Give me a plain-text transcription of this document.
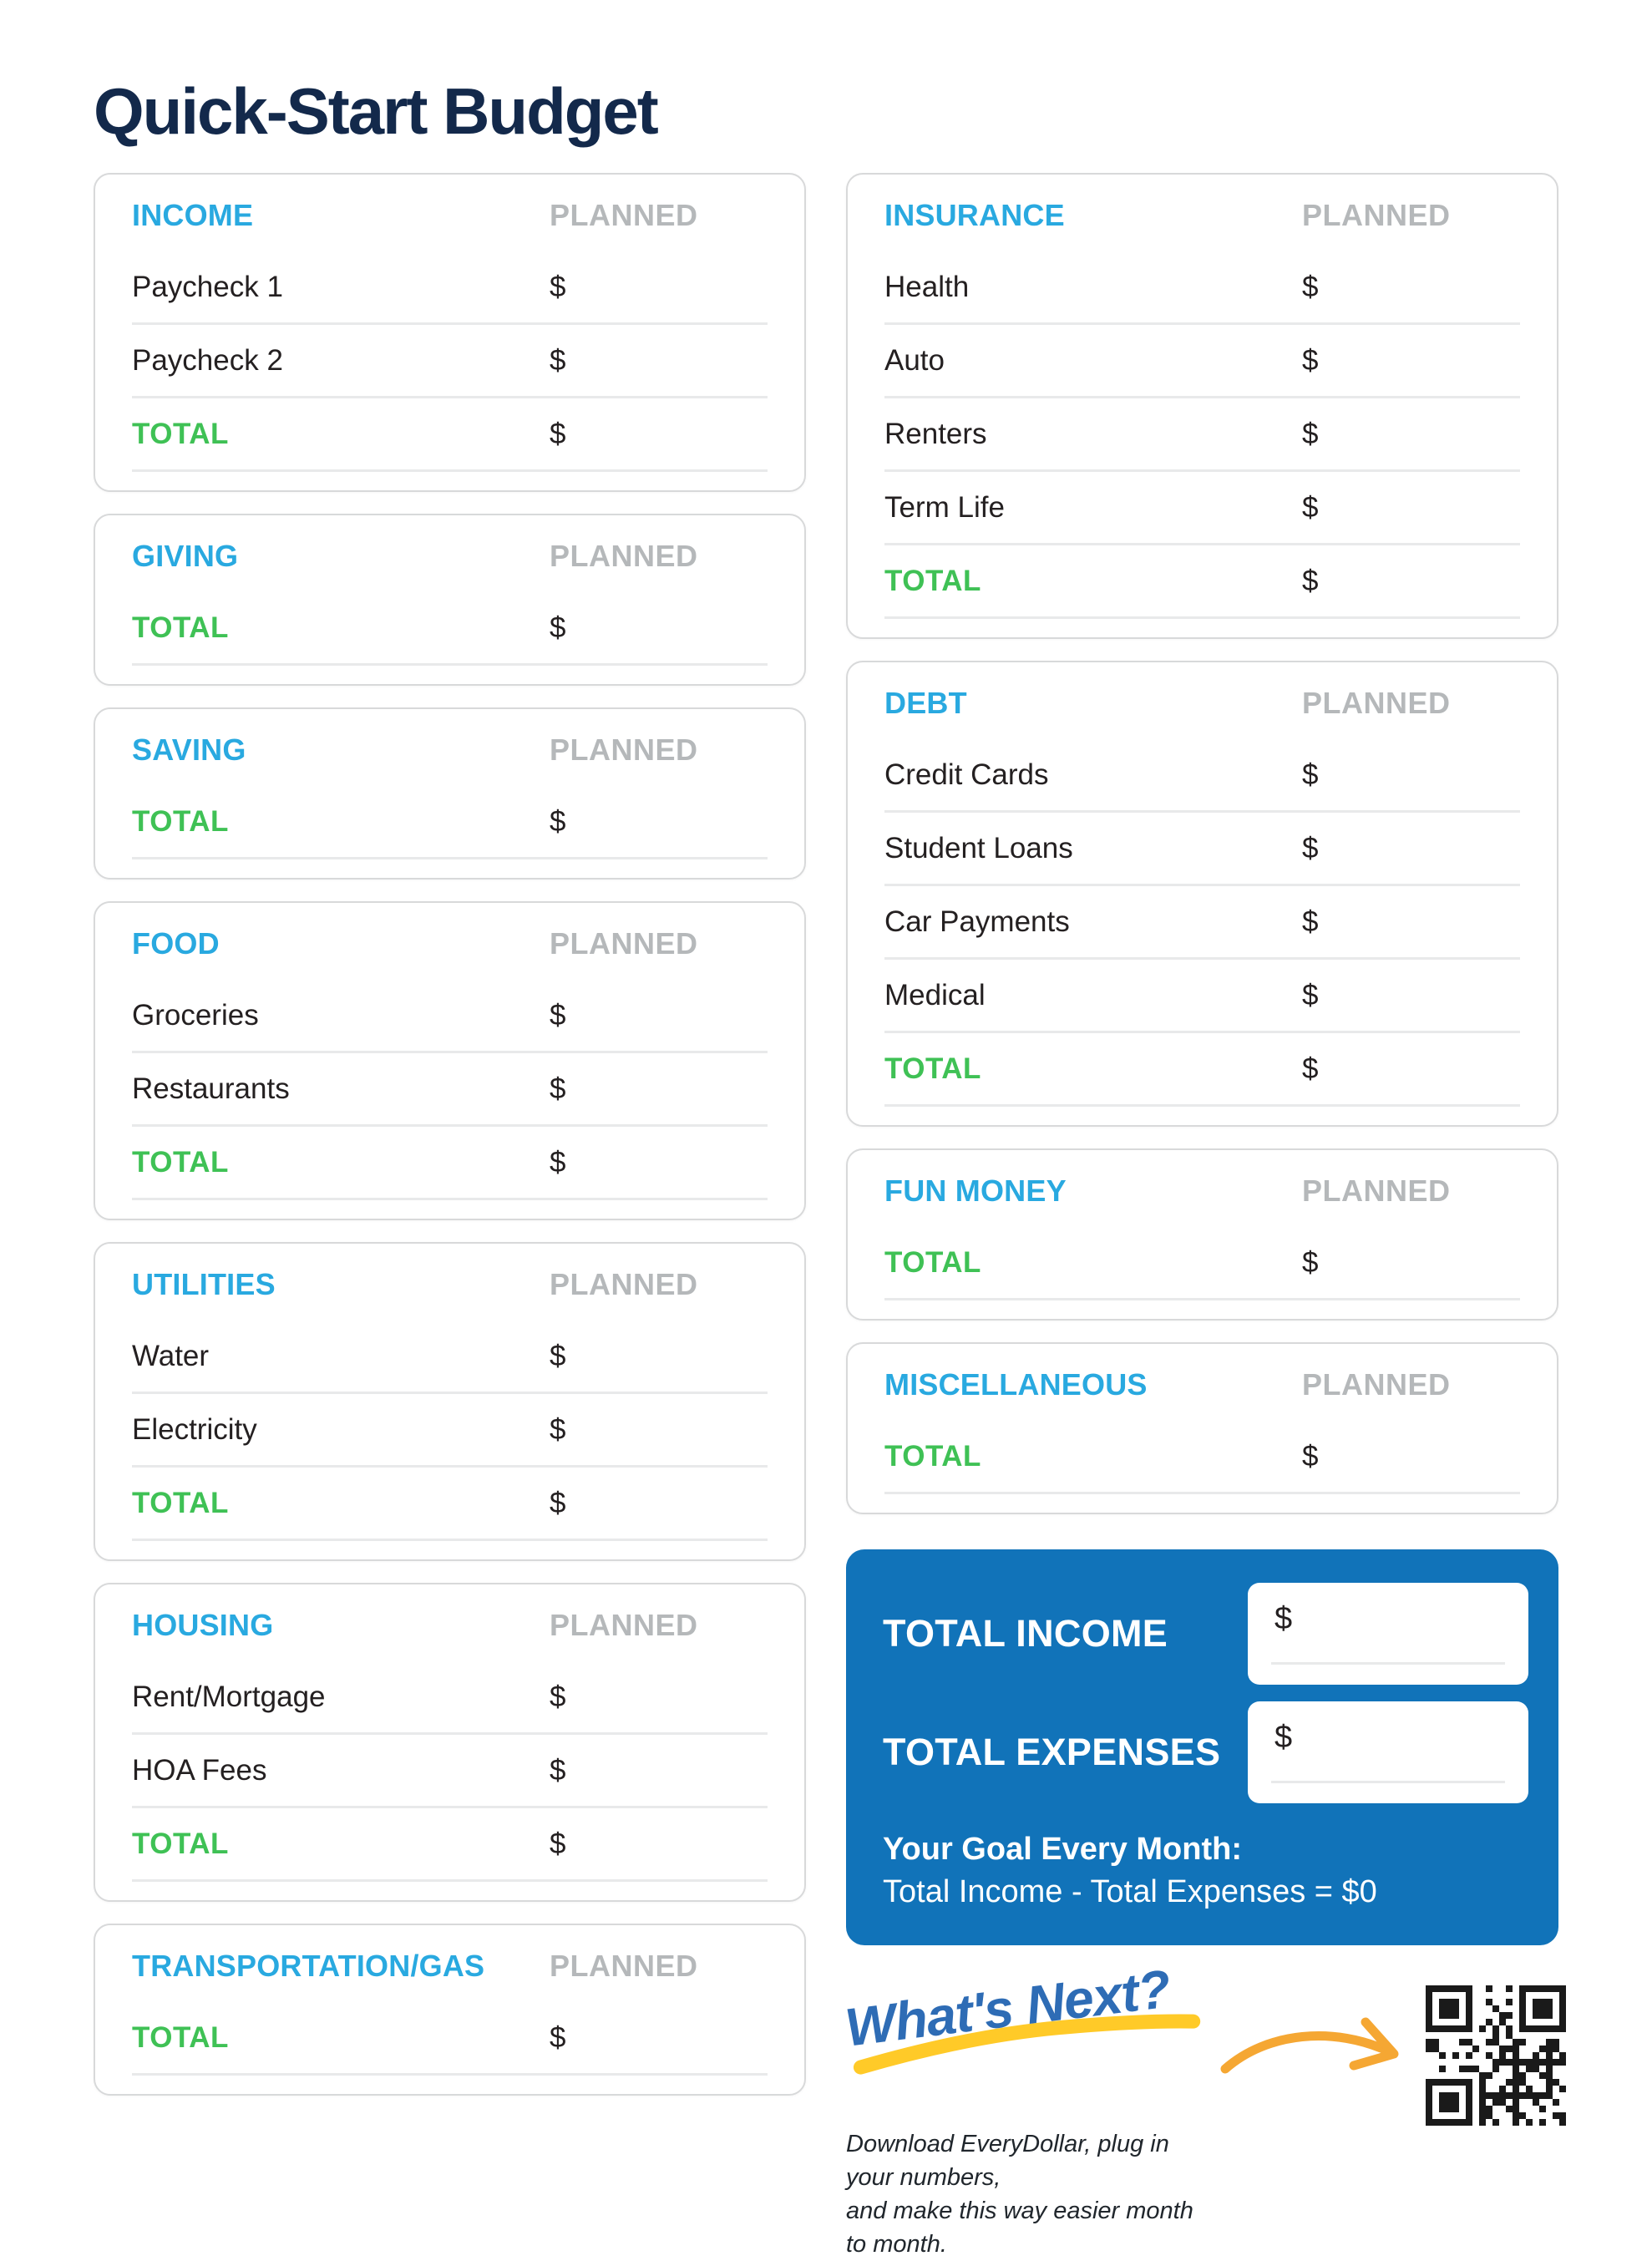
Quick-Start Budget
INCOME	PLANNED
Paycheck 1	$
Paycheck 2	$
TOTAL	$
GIVING	PLANNED
TOTAL	$
SAVING	PLANNED
TOTAL	$
FOOD	PLANNED
Groceries	$
Restaurants	$
TOTAL	$
UTILITIES	PLANNED
Water	$
Electricity	$
TOTAL	$
HOUSING	PLANNED
Rent/Mortgage	$
HOA Fees	$
TOTAL	$
TRANSPORTATION/GAS	PLANNED
TOTAL	$
INSURANCE	PLANNED
Health	$
Auto	$
Renters	$
Term Life	$
TOTAL	$
DEBT	PLANNED
Credit Cards	$
Student Loans	$
Car Payments	$
Medical	$
TOTAL	$
FUN MONEY	PLANNED
TOTAL	$
MISCELLANEOUS	PLANNED
TOTAL	$
TOTAL INCOME	$
TOTAL EXPENSES	$
Your Goal Every Month:
Total Income - Total Expenses = $0
What's Next?
Download EveryDollar, plug in your numbers,
and make this way easier month to month.
